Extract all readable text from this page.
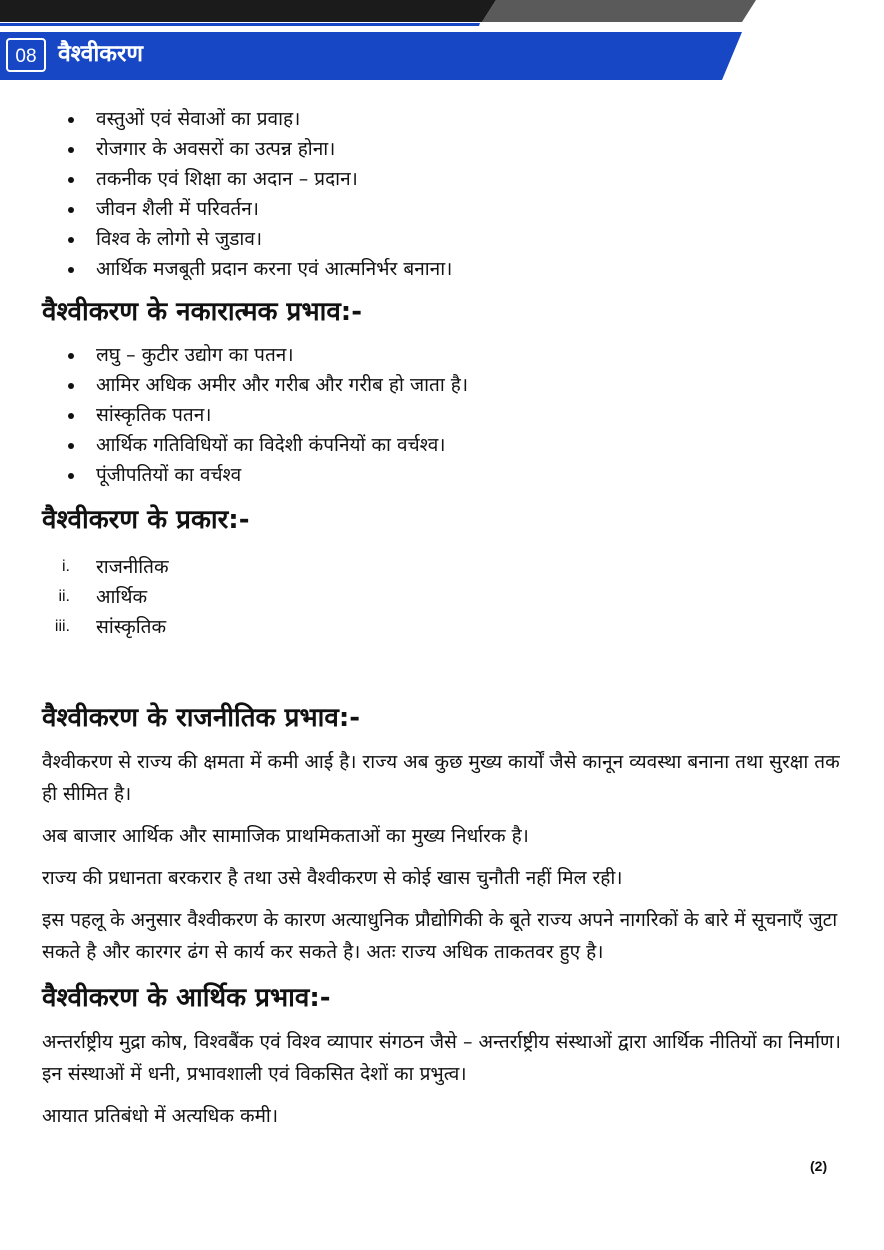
08 वैश्वीकरण
वस्तुओं एवं सेवाओं का प्रवाह।
रोजगार के अवसरों का उत्पन्न होना।
तकनीक एवं शिक्षा का अदान – प्रदान।
जीवन शैली में परिवर्तन।
विश्व के लोगो से जुडाव।
आर्थिक मजबूती प्रदान करना एवं आत्मनिर्भर बनाना।
वैश्वीकरण के नकारात्मक प्रभाव:-
लघु – कुटीर उद्योग का पतन।
आमिर अधिक अमीर और गरीब और गरीब हो जाता है।
सांस्कृतिक पतन।
आर्थिक गतिविधियों का विदेशी कंपनियों का वर्चश्व।
पूंजीपतियों का वर्चश्व
वैश्वीकरण के प्रकार:-
i. राजनीतिक
ii. आर्थिक
iii. सांस्कृतिक
वैश्वीकरण के राजनीतिक प्रभाव:-

वैश्वीकरण से राज्य की क्षमता में कमी आई है। राज्य अब कुछ मुख्य कार्यों जैसे कानून व्यवस्था बनाना तथा सुरक्षा तक ही सीमित है।

अब बाजार आर्थिक और सामाजिक प्राथमिकताओं का मुख्य निर्धारक है।

राज्य की प्रधानता बरकरार है तथा उसे वैश्वीकरण से कोई खास चुनौती नहीं मिल रही।

इस पहलू के अनुसार वैश्वीकरण के कारण अत्याधुनिक प्रौद्योगिकी के बूते राज्य अपने नागरिकों के बारे में सूचनाएँ जुटा सकते है और कारगर ढंग से कार्य कर सकते है। अतः राज्य अधिक ताकतवर हुए है।

वैश्वीकरण के आर्थिक प्रभाव:-

अन्तर्राष्ट्रीय मुद्रा कोष, विश्वबैंक एवं विश्व व्यापार संगठन जैसे – अन्तर्राष्ट्रीय संस्थाओं द्वारा आर्थिक नीतियों का निर्माण। इन संस्थाओं में धनी, प्रभावशाली एवं विकसित देशों का प्रभुत्व।

आयात प्रतिबंधो में अत्यधिक कमी।

(2)
